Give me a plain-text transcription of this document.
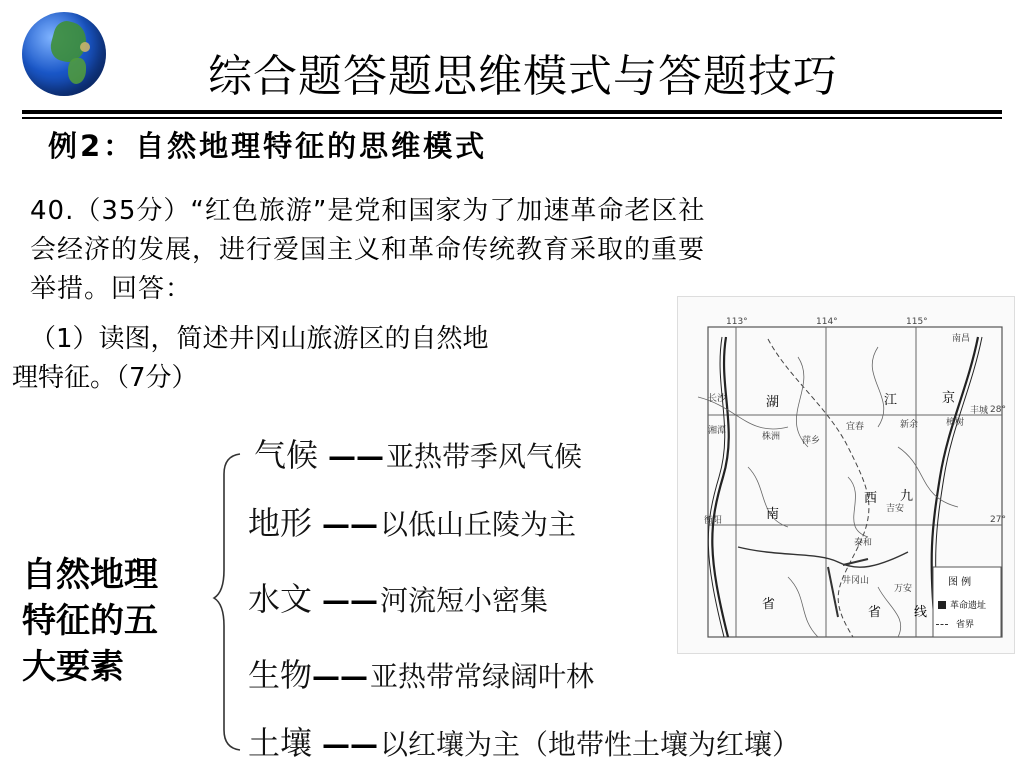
综合题答题思维模式与答题技巧
例2：自然地理特征的思维模式
40.（35分）“红色旅游”是党和国家为了加速革命老区社
会经济的发展，进行爱国主义和革命传统教育采取的重要
举措。回答：
（1）读图，简述井冈山旅游区的自然地
理特征。（7分）
113°	114°	115°
28°
27°
南昌
长沙
湘潭
株洲 萍乡
宜春	新余
丰城
樟树
衡阳
吉安
泰和
井冈山
万安
湖
南
省
江
西
省
京
九
线
图 例
革命遗址
省界
自然地理
特征的五
大要素
气候 ——亚热带季风气候
地形 ——以低山丘陵为主
水文 ——河流短小密集
生物——亚热带常绿阔叶林
土壤 ——以红壤为主（地带性土壤为红壤）
